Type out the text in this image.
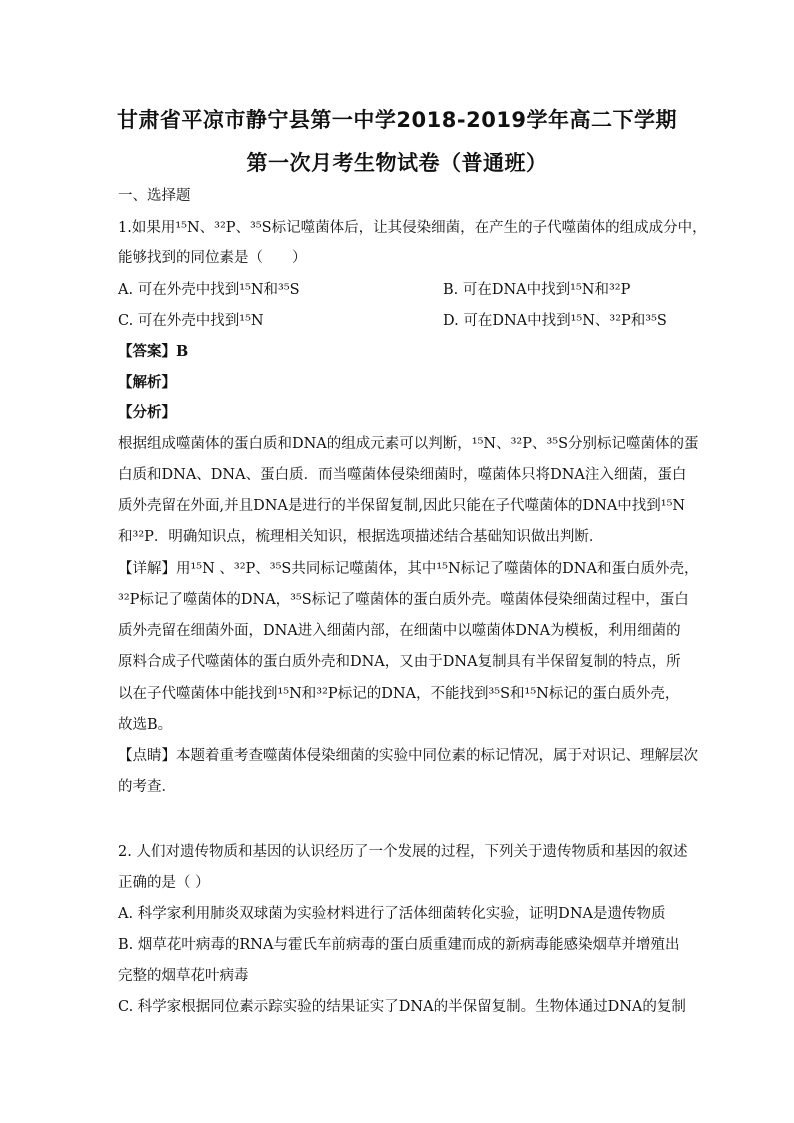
甘肃省平凉市静宁县第一中学2018-2019学年高二下学期
第一次月考生物试卷（普通班）
一、选择题
1.如果用¹⁵N、³²P、³⁵S标记噬菌体后，让其侵染细菌，在产生的子代噬菌体的组成成分中，
能够找到的同位素是（　　）
A. 可在外壳中找到¹⁵N和³⁵S	B. 可在DNA中找到¹⁵N和³²P
C. 可在外壳中找到¹⁵N	D. 可在DNA中找到¹⁵N、³²P和³⁵S
【答案】B
【解析】
【分析】
根据组成噬菌体的蛋白质和DNA的组成元素可以判断，¹⁵N、³²P、³⁵S分别标记噬菌体的蛋
白质和DNA、DNA、蛋白质．而当噬菌体侵染细菌时，噬菌体只将DNA注入细菌，蛋白
质外壳留在外面,并且DNA是进行的半保留复制,因此只能在子代噬菌体的DNA中找到¹⁵N
和³²P．明确知识点，梳理相关知识，根据选项描述结合基础知识做出判断．
【详解】用¹⁵N 、³²P、³⁵S共同标记噬菌体，其中¹⁵N标记了噬菌体的DNA和蛋白质外壳，
³²P标记了噬菌体的DNA，³⁵S标记了噬菌体的蛋白质外壳。噬菌体侵染细菌过程中，蛋白
质外壳留在细菌外面，DNA进入细菌内部，在细菌中以噬菌体DNA为模板，利用细菌的
原料合成子代噬菌体的蛋白质外壳和DNA，又由于DNA复制具有半保留复制的特点，所
以在子代噬菌体中能找到¹⁵N和³²P标记的DNA，不能找到³⁵S和¹⁵N标记的蛋白质外壳，
故选B。
【点睛】本题着重考查噬菌体侵染细菌的实验中同位素的标记情况，属于对识记、理解层次
的考查．
2. 人们对遗传物质和基因的认识经历了一个发展的过程，下列关于遗传物质和基因的叙述
正确的是（ ）
A. 科学家利用肺炎双球菌为实验材料进行了活体细菌转化实验，证明DNA是遗传物质
B. 烟草花叶病毒的RNA与霍氏车前病毒的蛋白质重建而成的新病毒能感染烟草并增殖出
完整的烟草花叶病毒
C. 科学家根据同位素示踪实验的结果证实了DNA的半保留复制。生物体通过DNA的复制
